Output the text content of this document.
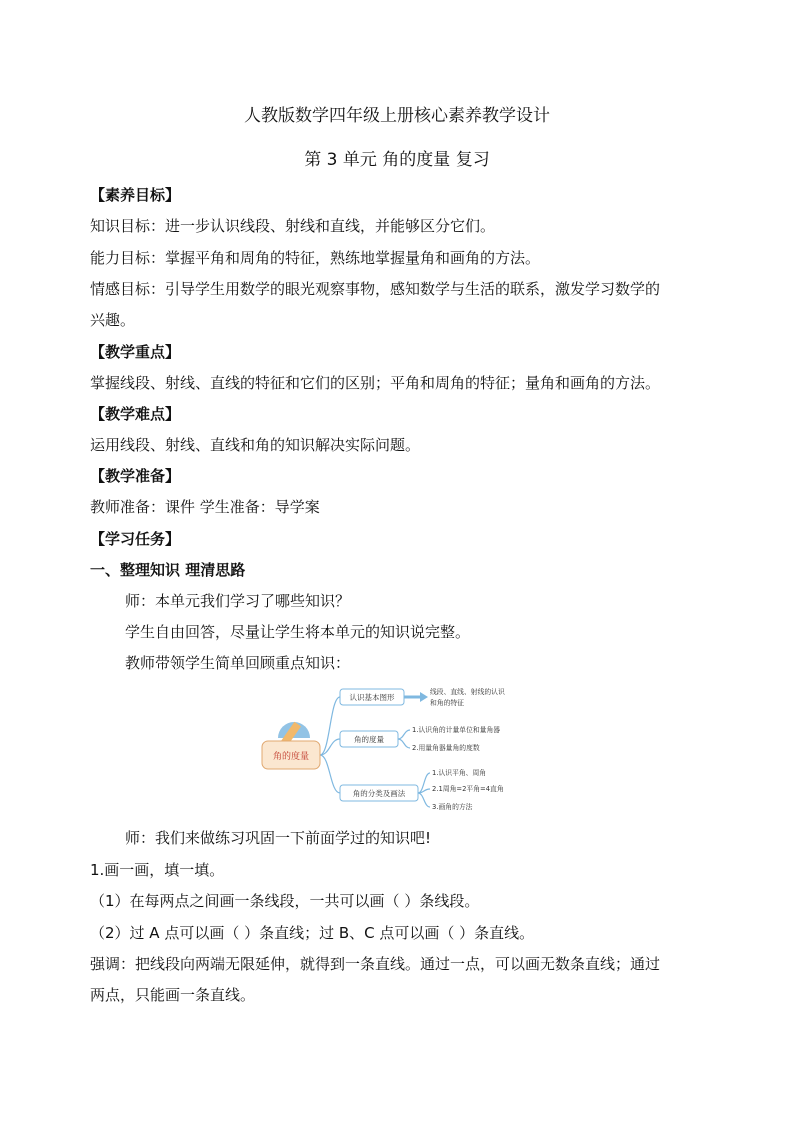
人教版数学四年级上册核心素养教学设计
第 3 单元 角的度量 复习
【素养目标】
知识目标：进一步认识线段、射线和直线，并能够区分它们。
能力目标：掌握平角和周角的特征，熟练地掌握量角和画角的方法。
情感目标：引导学生用数学的眼光观察事物，感知数学与生活的联系，激发学习数学的
兴趣。
【教学重点】
掌握线段、射线、直线的特征和它们的区别；平角和周角的特征；量角和画角的方法。
【教学难点】
运用线段、射线、直线和角的知识解决实际问题。
【教学准备】
教师准备：课件 学生准备：导学案
【学习任务】
一、整理知识 理清思路
师：本单元我们学习了哪些知识？
学生自由回答，尽量让学生将本单元的知识说完整。
教师带领学生简单回顾重点知识：
角的度量
认识基本图形
角的度量
角的分类及画法
线段、直线、射线的认识
和角的特征
1.认识角的计量单位和量角器
2.用量角器量角的度数
1.认识平角、周角
2.1周角=2平角=4直角
3.画角的方法
师：我们来做练习巩固一下前面学过的知识吧!
1.画一画，填一填。
（1）在每两点之间画一条线段，一共可以画（ ）条线段。
（2）过 A 点可以画（ ）条直线；过 B、C 点可以画（ ）条直线。
强调：把线段向两端无限延伸，就得到一条直线。通过一点，可以画无数条直线；通过
两点，只能画一条直线。
